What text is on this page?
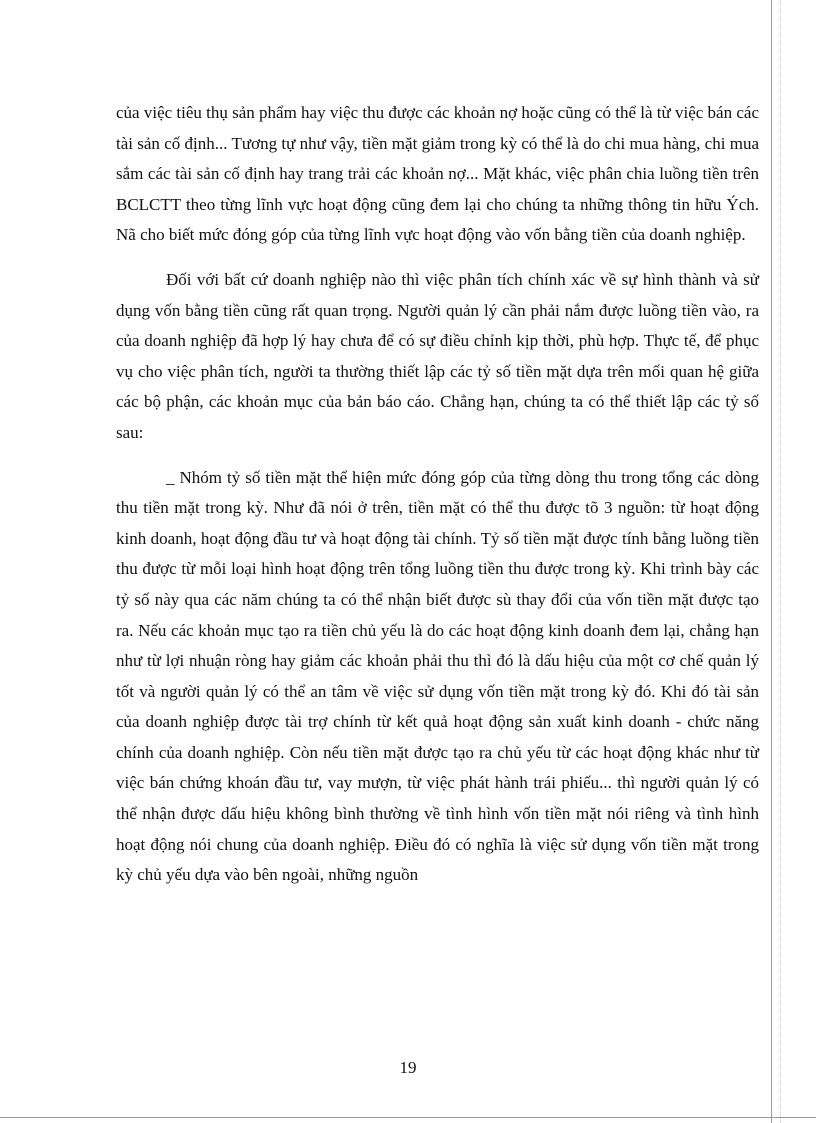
của việc tiêu thụ sản phẩm hay việc thu được các khoản nợ hoặc cũng có thể là từ việc bán các tài sản cố định... Tương tự như vậy, tiền mặt giảm trong kỳ có thể là do chi mua hàng, chi mua sắm các tài sản cố định hay trang trải các khoản nợ... Mặt khác, việc phân chia luồng tiền trên BCLCTT theo từng lĩnh vực hoạt động cũng đem lại cho chúng ta những thông tin hữu Ých. Nã cho biết mức đóng góp của từng lĩnh vực hoạt động vào vốn bằng tiền của doanh nghiệp.

Đối với bất cứ doanh nghiệp nào thì việc phân tích chính xác về sự hình thành và sử dụng vốn bằng tiền cũng rất quan trọng. Người quản lý cần phải nắm được luồng tiền vào, ra của doanh nghiệp đã hợp lý hay chưa để có sự điều chỉnh kịp thời, phù hợp. Thực tế, để phục vụ cho việc phân tích, người ta thường thiết lập các tỷ số tiền mặt dựa trên mối quan hệ giữa các bộ phận, các khoản mục của bản báo cáo. Chẳng hạn, chúng ta có thể thiết lập các tỷ số sau:

_ Nhóm tỷ số tiền mặt thể hiện mức đóng góp của từng dòng thu trong tổng các dòng thu tiền mặt trong kỳ. Như đã nói ở trên, tiền mặt có thể thu được tõ 3 nguồn: từ hoạt động kinh doanh, hoạt động đầu tư và hoạt động tài chính. Tỷ số tiền mặt được tính bằng luồng tiền thu được từ mỗi loại hình hoạt động trên tổng luồng tiền thu được trong kỳ. Khi trình bày các tỷ số này qua các năm chúng ta có thể nhận biết được sù thay đổi của vốn tiền mặt được tạo ra. Nếu các khoản mục tạo ra tiền chủ yếu là do các hoạt động kinh doanh đem lại, chẳng hạn như từ lợi nhuận ròng hay giảm các khoản phải thu thì đó là dấu hiệu của một cơ chế quản lý tốt và người quản lý có thể an tâm về việc sử dụng vốn tiền mặt trong kỳ đó. Khi đó tài sản của doanh nghiệp được tài trợ chính từ kết quả hoạt động sản xuất kinh doanh - chức năng chính của doanh nghiệp. Còn nếu tiền mặt được tạo ra chủ yếu từ các hoạt động khác như từ việc bán chứng khoán đầu tư, vay mượn, từ việc phát hành trái phiếu... thì người quản lý có thể nhận được dấu hiệu không bình thường về tình hình vốn tiền mặt nói riêng và tình hình hoạt động nói chung của doanh nghiệp. Điều đó có nghĩa là việc sử dụng vốn tiền mặt trong kỳ chủ yếu dựa vào bên ngoài, những nguồn

19
